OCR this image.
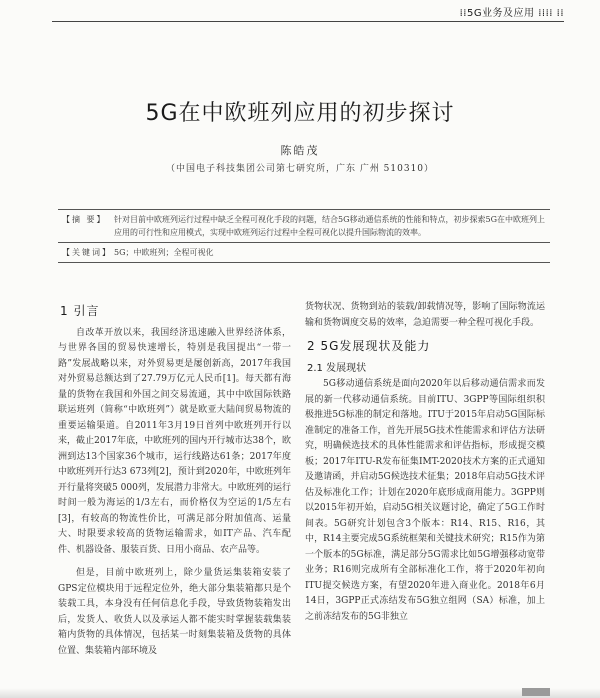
⁞⁞5G业务及应用 ⁞⁞⁞⁞ ⁞⁞
5G在中欧班列应用的初步探讨
陈皓茂
（中国电子科技集团公司第七研究所，广东 广州 510310）
【摘 要】 针对目前中欧班列运行过程中缺乏全程可视化手段的问题，结合5G移动通信系统的性能和特点，初步探索5G在中欧班列上应用的可行性和应用模式，实现中欧班列运行过程中全程可视化以提升国际物流的效率。
【关键词】 5G；中欧班列；全程可视化
1 引言

自改革开放以来，我国经济迅速融入世界经济体系，与世界各国的贸易快速增长，特别是我国提出“一带一路”发展战略以来，对外贸易更是屡创新高，2017年我国对外贸易总额达到了27.79万亿元人民币[1]。每天都有海量的货物在我国和外国之间交易流通，其中中欧国际铁路联运班列（简称“中欧班列”）就是欧亚大陆间贸易物流的重要运输渠道。自2011年3月19日首列中欧班列开行以来，截止2017年底，中欧班列的国内开行城市达38个，欧洲到达13个国家36个城市，运行线路达61条；2017年度中欧班列开行达3 673列[2]，预计到2020年，中欧班列年开行量将突破5 000列，发展潜力非常大。中欧班列的运行时间一般为海运的1/3左右，而价格仅为空运的1/5左右[3]，有较高的物流性价比，可满足部分附加值高、运量大、时限要求较高的货物运输需求，如IT产品、汽车配件、机器设备、服装百货、日用小商品、农产品等。

但是，目前中欧班列上，除少量货运集装箱安装了GPS定位模块用于远程定位外，绝大部分集装箱都只是个装载工具，本身没有任何信息化手段，导致货物装箱发出后，发货人、收货人以及承运人都不能实时掌握装载集装箱内货物的具体情况，包括某一时刻集装箱及货物的具体位置、集装箱内部环境及

货物状况、货物到站的装载/卸载情况等，影响了国际物流运输和货物调度交易的效率，急迫需要一种全程可视化手段。

2 5G发展现状及能力
2.1 发展现状

5G移动通信系统是面向2020年以后移动通信需求而发展的新一代移动通信系统。目前ITU、3GPP等国际组织积极推进5G标准的制定和落地。ITU于2015年启动5G国际标准制定的准备工作，首先开展5G技术性能需求和评估方法研究，明确候选技术的具体性能需求和评估指标，形成提交模板；2017年ITU-R发布征集IMT-2020技术方案的正式通知及邀请函，并启动5G候选技术征集；2018年启动5G技术评估及标准化工作；计划在2020年底形成商用能力。3GPP则以2015年初开始，启动5G相关议题讨论，确定了5G工作时间表。5G研究计划包含3个版本：R14、R15、R16，其中，R14主要完成5G系统框架和关键技术研究；R15作为第一个版本的5G标准，满足部分5G需求比如5G增强移动宽带业务；R16则完成所有全部标准化工作，将于2020年初向ITU提交候选方案，有望2020年进入商业化。2018年6月14日，3GPP正式冻结发布5G独立组网（SA）标准，加上之前冻结发布的5G非独立
